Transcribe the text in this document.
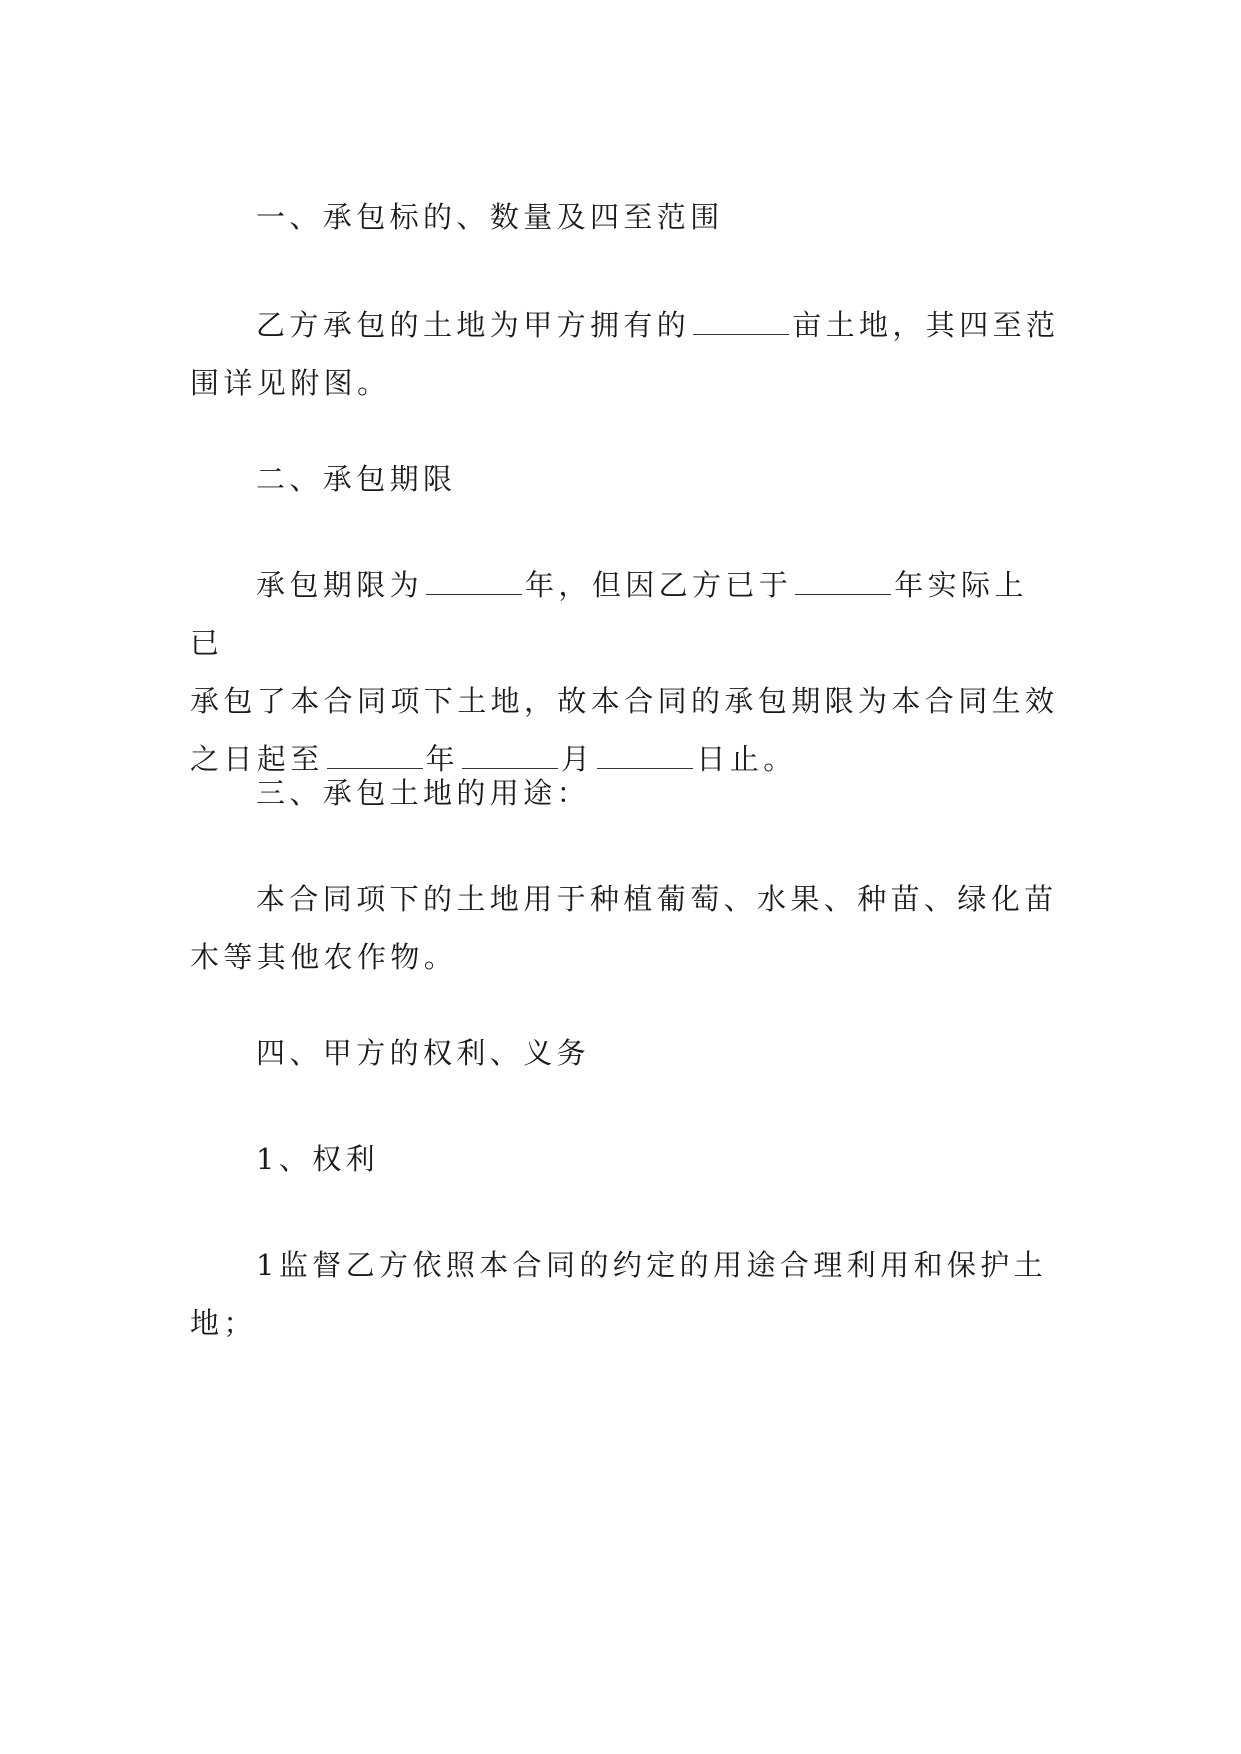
一、承包标的、数量及四至范围
乙方承包的土地为甲方拥有的	亩土地，其四至范
围详见附图。
二、承包期限
承包期限为	年，但因乙方已于	年实际上已
承包了本合同项下土地，故本合同的承包期限为本合同生效
之日起至	年	月	日止。
三、承包土地的用途：
本合同项下的土地用于种植葡萄、水果、种苗、绿化苗
木等其他农作物。
四、甲方的权利、义务
1、权利
1监督乙方依照本合同的约定的用途合理利用和保护土
地；
